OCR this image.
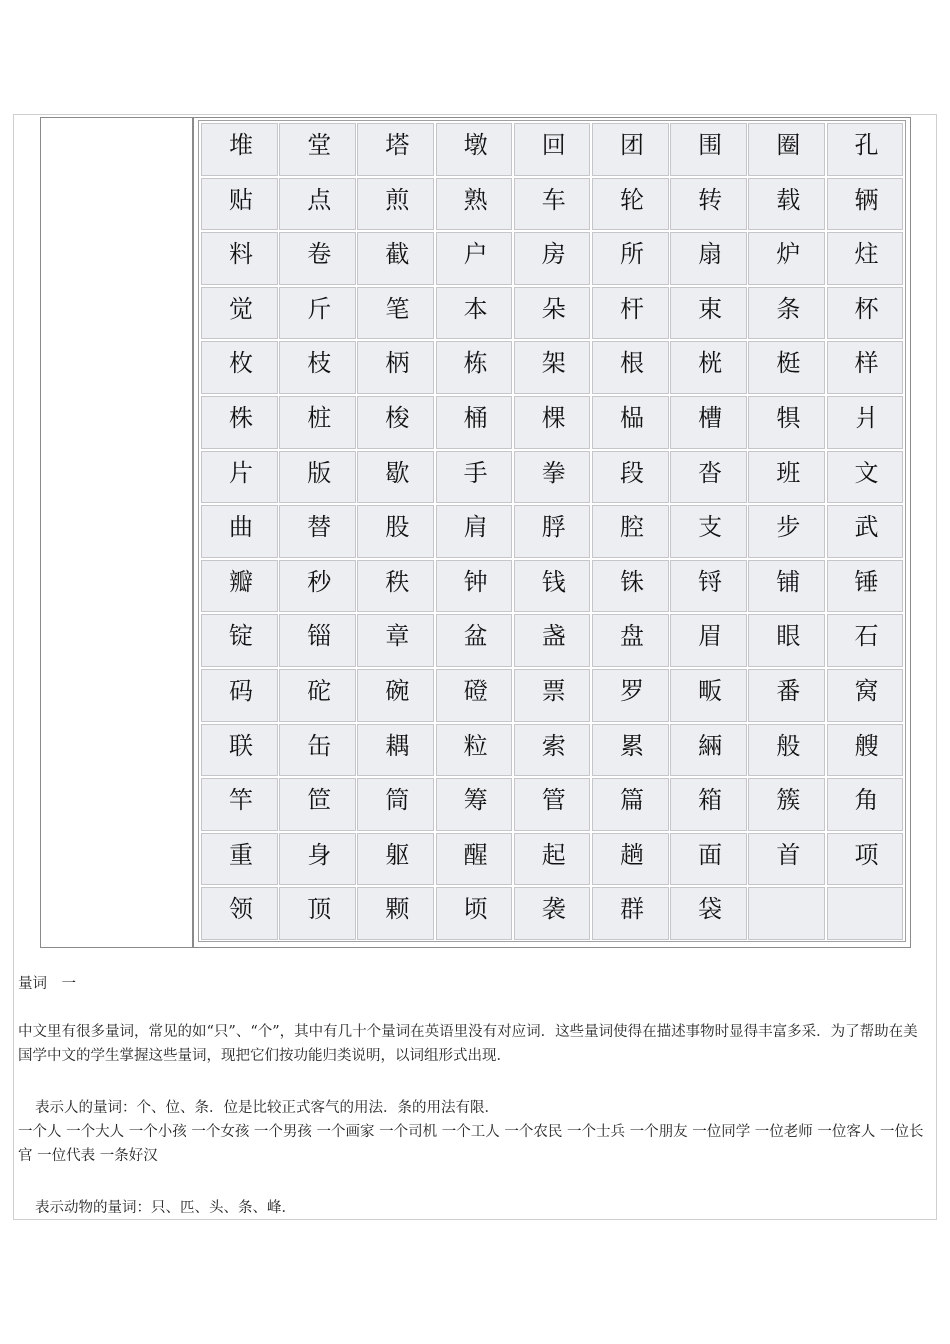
堆	堂	塔	墩	回	团	围	圈	孔
贴	点	煎	熟	车	轮	转	载	辆
料	卷	截	户	房	所	扇	炉	炷
觉	斤	笔	本	朵	杆	束	条	杯
枚	枝	柄	栋	架	根	桄	梃	样
株	桩	梭	桶	棵	榀	槽	犋	爿
片	版	歇	手	拳	段	沓	班	文
曲	替	股	肩	脬	腔	支	步	武
瓣	秒	秩	钟	钱	铢	锊	铺	锤
锭	锱	章	盆	盏	盘	眉	眼	石
码	砣	碗	磴	票	罗	畈	番	窝
联	缶	耦	粒	索	累	緉	般	艘
竿	笸	筒	筹	管	篇	箱	簇	角
重	身	躯	醒	起	趟	面	首	项
领	顶	颗	顷	袭	群	袋
量词　一
中文里有很多量词，常见的如“只”、“个”，其中有几十个量词在英语里没有对应词．这些量词使得在描述事物时显得丰富多采．为了帮助在美国学中文的学生掌握这些量词，现把它们按功能归类说明，以词组形式出现．
表示人的量词：个、位、条．位是比较正式客气的用法．条的用法有限．
一个人 一个大人 一个小孩 一个女孩 一个男孩 一个画家 一个司机 一个工人 一个农民 一个士兵 一个朋友 一位同学 一位老师 一位客人 一位长官 一位代表 一条好汉
表示动物的量词：只、匹、头、条、峰．
